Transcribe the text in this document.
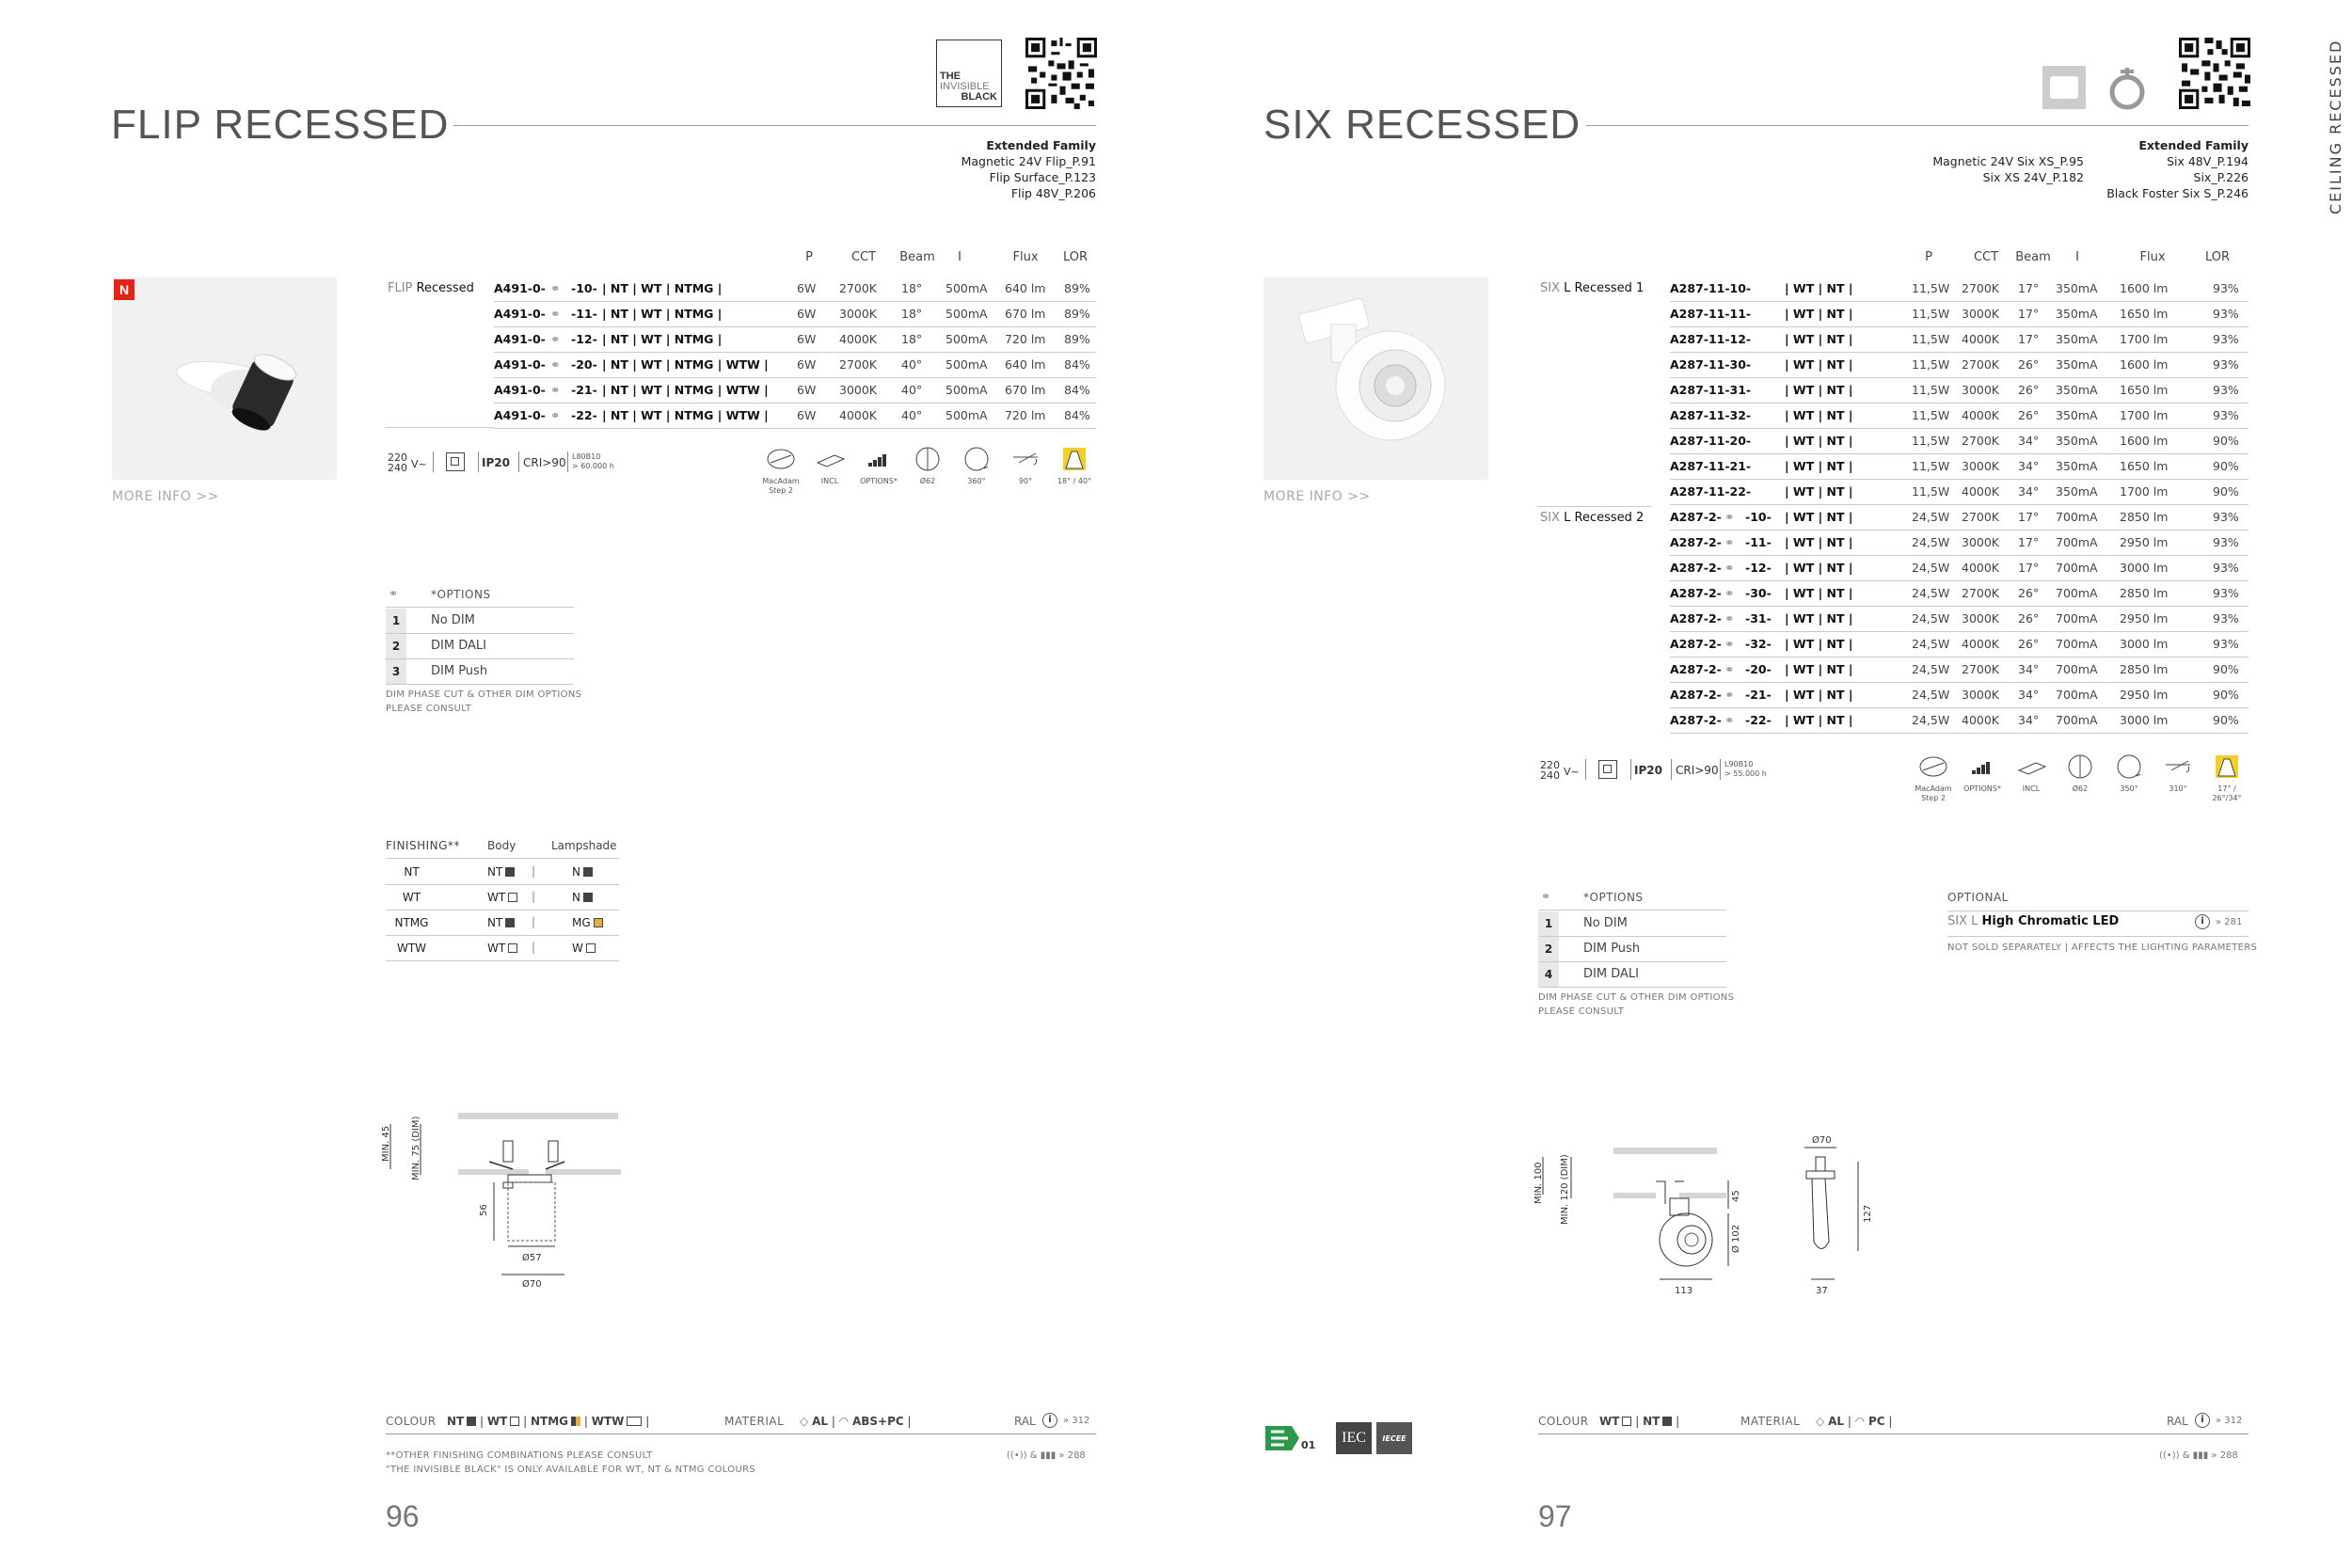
THE
INVISIBLE
BLACK
FLIP RECESSED	Extended Family
Magnetic 24V Flip_P.91
Flip Surface_P.123
Flip 48V_P.206
N
MORE INFO >>
P	CCT	Beam	I	Flux	LOR
FLIP Recessed A491-0- ⚭ -10- | NT | WT | NTMG |	6W 2700K 18° 500mA 640 lm 89%
A491-0- ⚭ -11- | NT | WT | NTMG |	6W 3000K 18° 500mA 670 lm 89%
A491-0- ⚭ -12- | NT | WT | NTMG |	6W 4000K 18° 500mA 720 lm 89%
A491-0- ⚭ -20- | NT | WT | NTMG | WTW | 6W 2700K 40° 500mA 640 lm 84%
A491-0- ⚭ -21- | NT | WT | NTMG | WTW | 6W 3000K 40° 500mA 670 lm 84%
A491-0- ⚭ -22- | NT | WT | NTMG | WTW | 6W 4000K 40° 500mA 720 lm 84%
220
240 V~	IP20 CRI>90 L80B10
> 60.000 h
MacAdam Step 2
INCL	OPTIONS*	Ø62	360°	90°	18° / 40°
⚭	*OPTIONS
1	No DIM
2	DIM DALI
3	DIM Push
DIM PHASE CUT & OTHER DIM OPTIONS
PLEASE CONSULT
FINISHING** Body	Lampshade
NT	NT	|	N
WT	WT	|	N
NTMG	NT	|	MG
WTW	WT	|	W
MIN. 45 MIN. 75 (DIM)
56
Ø57
Ø70
COLOUR NT | WT | NTMG | WTW |	MATERIAL ◇ AL | ◠ ABS+PC |	RAL	i	» 312
**OTHER FINISHING COMBINATIONS PLEASE CONSULT
"THE INVISIBLE BLACK" IS ONLY AVAILABLE FOR WT, NT & NTMG COLOURS
((•)) & ▮▮▮ » 288
96
SIX RECESSED
Magnetic 24V Six XS_P.95
Six XS 24V_P.182
Extended Family
Six 48V_P.194
Six_P.226
Black Foster Six S_P.246	CEILING RECESSED
MORE INFO >>
P	CCT	Beam	I	Flux	LOR
SIX L Recessed 1
SIX L Recessed 2
A287-11-10-	| WT | NT |	11,5W 2700K 17° 350mA 1600 lm	93%
A287-11-11-	| WT | NT |	11,5W 3000K 17° 350mA 1650 lm	93%
A287-11-12-	| WT | NT |	11,5W 4000K 17° 350mA 1700 lm	93%
A287-11-30-	| WT | NT |	11,5W 2700K 26° 350mA 1600 lm	93%
A287-11-31-	| WT | NT |	11,5W 3000K 26° 350mA 1650 lm	93%
A287-11-32-	| WT | NT |	11,5W 4000K 26° 350mA 1700 lm	93%
A287-11-20-	| WT | NT |	11,5W 2700K 34° 350mA 1600 lm	90%
A287-11-21-	| WT | NT |	11,5W 3000K 34° 350mA 1650 lm	90%
A287-11-22-	| WT | NT |	11,5W 4000K 34° 350mA 1700 lm	90%
A287-2- ⚭ -10- | WT | NT |	24,5W 2700K 17° 700mA 2850 lm	93%
A287-2- ⚭ -11- | WT | NT |	24,5W 3000K 17° 700mA 2950 lm	93%
A287-2- ⚭ -12- | WT | NT |	24,5W 4000K 17° 700mA 3000 lm	93%
A287-2- ⚭ -30- | WT | NT |	24,5W 2700K 26° 700mA 2850 lm	93%
A287-2- ⚭ -31- | WT | NT |	24,5W 3000K 26° 700mA 2950 lm	93%
A287-2- ⚭ -32- | WT | NT |	24,5W 4000K 26° 700mA 3000 lm	93%
A287-2- ⚭ -20- | WT | NT |	24,5W 2700K 34° 700mA 2850 lm	90%
A287-2- ⚭ -21- | WT | NT |	24,5W 3000K 34° 700mA 2950 lm	90%
A287-2- ⚭ -22- | WT | NT |	24,5W 4000K 34° 700mA 3000 lm	90%
220
240 V~	IP20 CRI>90 L90B10
> 55.000 h
MacAdam Step 2
OPTIONS*	INCL	Ø62	350°	310°	17° / 26°/34°
⚭	*OPTIONS
1	No DIM
2	DIM Push
4	DIM DALI
DIM PHASE CUT & OTHER DIM OPTIONS
PLEASE CONSULT
OPTIONAL
SIX L High Chromatic LED	i	» 281
NOT SOLD SEPARATELY | AFFECTS THE LIGHTING PARAMETERS
MIN. 100 MIN. 120 (DIM)	45
Ø 102
113
Ø70
127
37
01	IEC	IECEE
COLOUR WT | NT |	MATERIAL ◇ AL | ◠ PC |	RAL	i	» 312
((•)) & ▮▮▮ » 288
97
